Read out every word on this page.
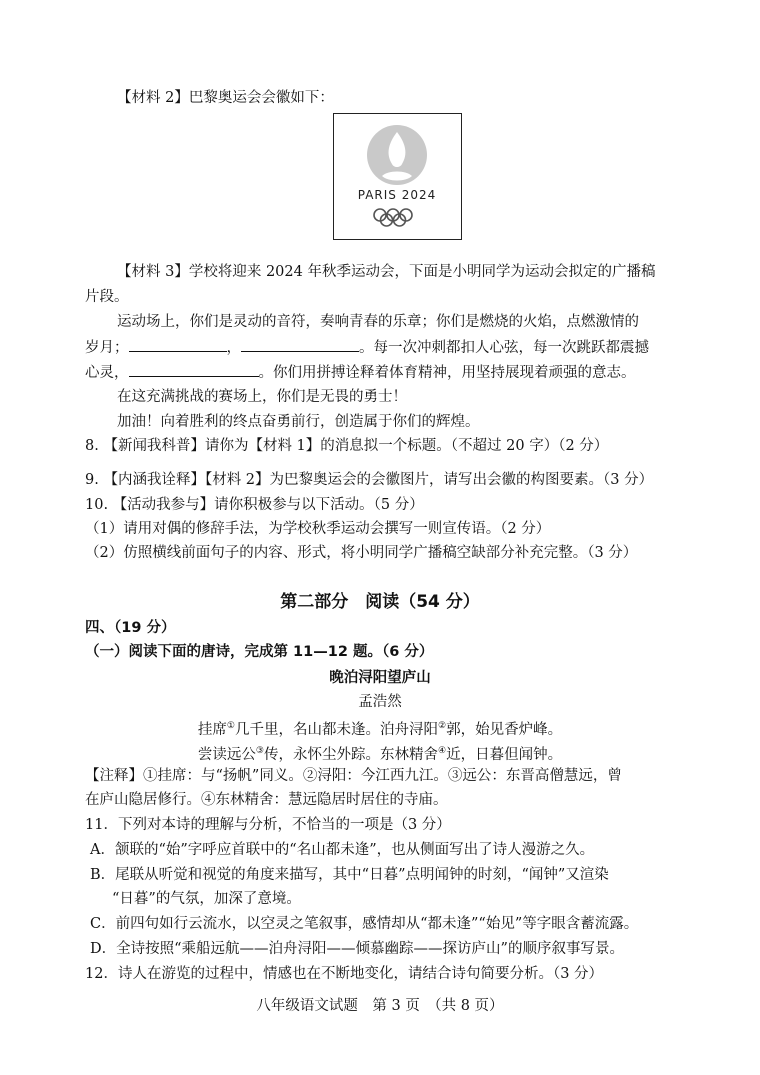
【材料 2】巴黎奥运会会徽如下：
PARIS 2024
【材料 3】学校将迎来 2024 年秋季运动会，下面是小明同学为运动会拟定的广播稿
片段。
运动场上，你们是灵动的音符，奏响青春的乐章；你们是燃烧的火焰，点燃激情的
岁月；	，	。每一次冲刺都扣人心弦，每一次跳跃都震撼
心灵，	。你们用拼搏诠释着体育精神，用坚持展现着顽强的意志。
在这充满挑战的赛场上，你们是无畏的勇士！
加油！向着胜利的终点奋勇前行，创造属于你们的辉煌。
8. 【新闻我科普】请你为【材料 1】的消息拟一个标题。（不超过 20 字）（2 分）
9. 【内涵我诠释】【材料 2】为巴黎奥运会的会徽图片，请写出会徽的构图要素。（3 分）
10. 【活动我参与】请你积极参与以下活动。（5 分）
（1）请用对偶的修辞手法，为学校秋季运动会撰写一则宣传语。（2 分）
（2）仿照横线前面句子的内容、形式，将小明同学广播稿空缺部分补充完整。（3 分）
第二部分　阅读（54 分）
四、（19 分）
（一）阅读下面的唐诗，完成第 11—12 题。（6 分）
晚泊浔阳望庐山
孟浩然
挂席①几千里，名山都未逢。泊舟浔阳②郭，始见香炉峰。
尝读远公③传，永怀尘外踪。东林精舍④近，日暮但闻钟。
【注释】①挂席：与“扬帆”同义。②浔阳：今江西九江。③远公：东晋高僧慧远，曾
在庐山隐居修行。④东林精舍：慧远隐居时居住的寺庙。
11．下列对本诗的理解与分析，不恰当的一项是（3 分）
A．颔联的“始”字呼应首联中的“名山都未逢”，也从侧面写出了诗人漫游之久。
B．尾联从听觉和视觉的角度来描写，其中“日暮”点明闻钟的时刻，“闻钟”又渲染
“日暮”的气氛，加深了意境。
C．前四句如行云流水，以空灵之笔叙事，感情却从“都未逢”“始见”等字眼含蓄流露。
D．全诗按照“乘船远航——泊舟浔阳——倾慕幽踪——探访庐山”的顺序叙事写景。
12．诗人在游览的过程中，情感也在不断地变化，请结合诗句简要分析。（3 分）
八年级语文试题　第 3 页　（共 8 页）
